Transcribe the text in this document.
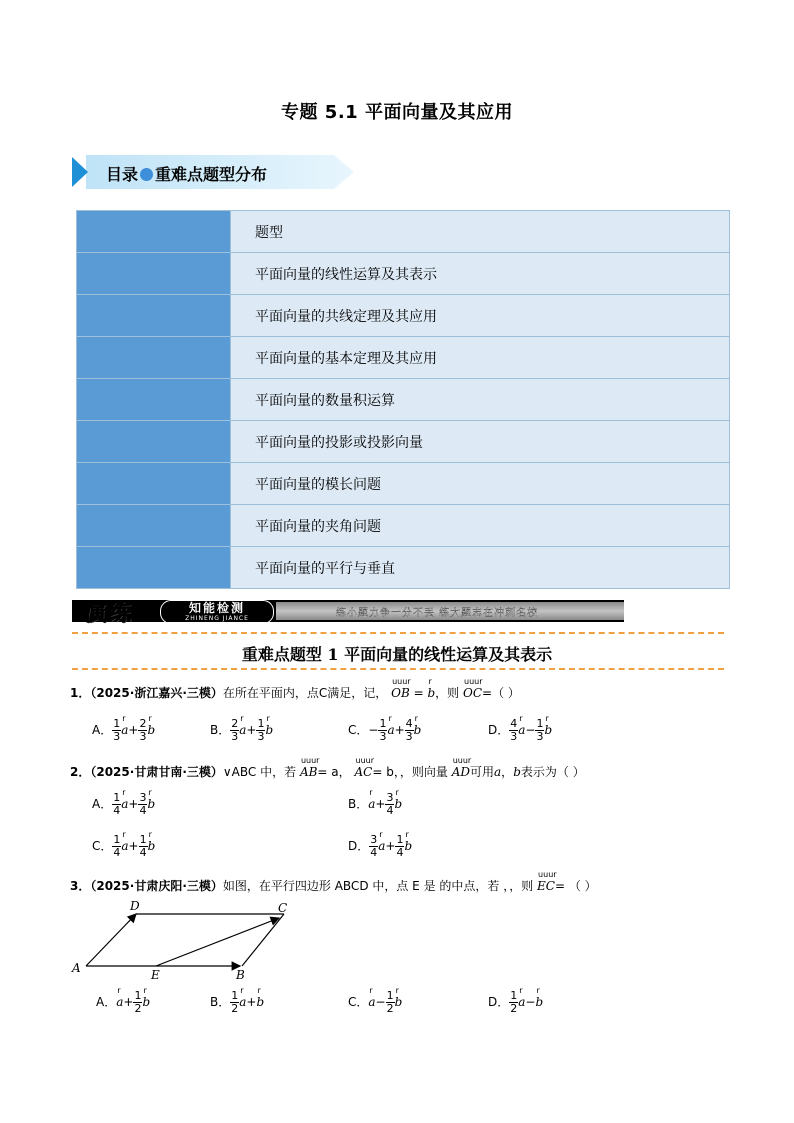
专题 5.1 平面向量及其应用
目录 重难点题型分布
	题型
	平面向量的线性运算及其表示
	平面向量的共线定理及其应用
	平面向量的基本定理及其应用
	平面向量的数量积运算
	平面向量的投影或投影向量
	平面向量的模长问题
	平面向量的夹角问题
	平面向量的平行与垂直
演练	知能检测
ZHINENG JIANCE	练小题力争一分不丢 练大题志在冲刺名校
重难点题型 1 平面向量的线性运算及其表示
1．（2025·浙江嘉兴·三模）在所在平面内，点C满足，记，
uuur
OB =
r
b，则
uuur
OC=（ ）
A． $\frac{1}{3}$ r
$a+ \frac{2}{3}$ r
b	B． $\frac{2}{3}$ r
$a+ \frac{1}{3}$ r
b	C．− $\frac{1}{3}$ r
$a+ \frac{4}{3}$ r
b	D． $\frac{4}{3}$ r
$a- \frac{1}{3}$ r
b
2．（2025·甘肃甘南·三模）∨ABC 中，若
uuur
AB= a，
uuur
AC= b，，则向量
uuur
AD可用a，b表示为（ ）
A． $\frac{1}{4}$ r
$a+ \frac{3}{4}$ r
b	B．
r
$a+ \frac{3}{4}$ r
b
C． $\frac{1}{4}$ r
$a+ \frac{1}{4}$ r
b	D． $\frac{3}{4}$ r
$a+ \frac{1}{4}$ r
b
3．（2025·甘肃庆阳·三模）如图，在平行四边形 ABCD 中，点 E 是 的中点，若 ，，则
uuur
EC= （ ）
A
D	C
B
E
A．
r
$a+ \frac{1}{2}$ r
b	B． $\frac{1}{2}$ r
a+
r
b	C．
r
$a- \frac{1}{2}$ r
b	D． $\frac{1}{2}$ r
a−
r
b
